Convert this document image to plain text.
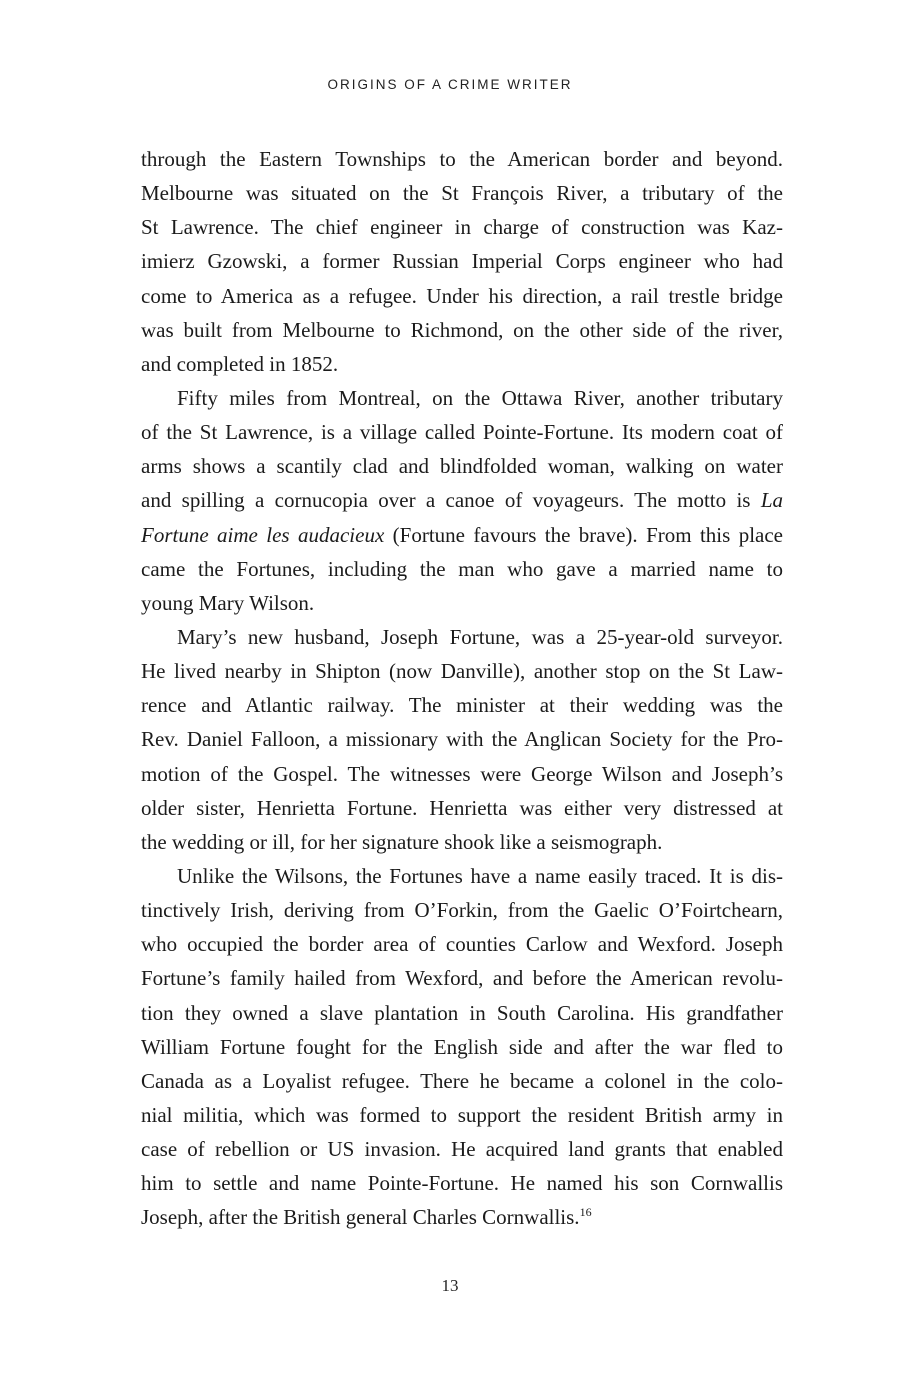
ORIGINS OF A CRIME WRITER
through the Eastern Townships to the American border and beyond.
Melbourne was situated on the St François River, a tributary of the
St Lawrence. The chief engineer in charge of construction was Kaz-
imierz Gzowski, a former Russian Imperial Corps engineer who had
come to America as a refugee. Under his direction, a rail trestle bridge
was built from Melbourne to Richmond, on the other side of the river,
and completed in 1852.
Fifty miles from Montreal, on the Ottawa River, another tributary
of the St Lawrence, is a village called Pointe-Fortune. Its modern coat of
arms shows a scantily clad and blindfolded woman, walking on water
and spilling a cornucopia over a canoe of voyageurs. The motto is La
Fortune aime les audacieux (Fortune favours the brave). From this place
came the Fortunes, including the man who gave a married name to
young Mary Wilson.
Mary’s new husband, Joseph Fortune, was a 25-year-old surveyor.
He lived nearby in Shipton (now Danville), another stop on the St Law-
rence and Atlantic railway. The minister at their wedding was the
Rev. Daniel Falloon, a missionary with the Anglican Society for the Pro-
motion of the Gospel. The witnesses were George Wilson and Joseph’s
older sister, Henrietta Fortune. Henrietta was either very distressed at
the wedding or ill, for her signature shook like a seismograph.
Unlike the Wilsons, the Fortunes have a name easily traced. It is dis-
tinctively Irish, deriving from O’Forkin, from the Gaelic O’Foirtchearn,
who occupied the border area of counties Carlow and Wexford. Joseph
Fortune’s family hailed from Wexford, and before the American revolu-
tion they owned a slave plantation in South Carolina. His grandfather
William Fortune fought for the English side and after the war fled to
Canada as a Loyalist refugee. There he became a colonel in the colo-
nial militia, which was formed to support the resident British army in
case of rebellion or US invasion. He acquired land grants that enabled
him to settle and name Pointe-Fortune. He named his son Cornwallis
Joseph, after the British general Charles Cornwallis.$^{16}$
13
